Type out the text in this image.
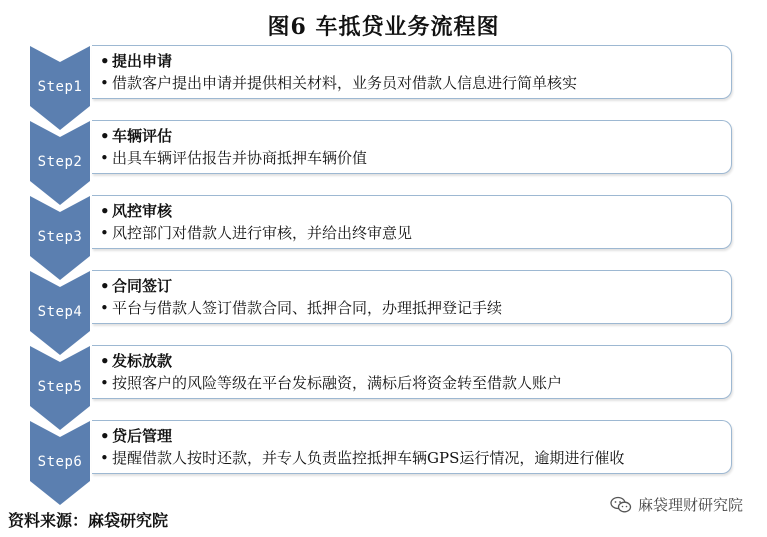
图6 车抵贷业务流程图
Step1
• 提出申请
• 借款客户提出申请并提供相关材料，业务员对借款人信息进行简单核实
Step2
• 车辆评估
• 出具车辆评估报告并协商抵押车辆价值
Step3
• 风控审核
• 风控部门对借款人进行审核，并给出终审意见
Step4
• 合同签订
• 平台与借款人签订借款合同、抵押合同，办理抵押登记手续
Step5
• 发标放款
• 按照客户的风险等级在平台发标融资，满标后将资金转至借款人账户
Step6
• 贷后管理
• 提醒借款人按时还款，并专人负责监控抵押车辆GPS运行情况，逾期进行催收
资料来源：麻袋研究院
麻袋理财研究院
